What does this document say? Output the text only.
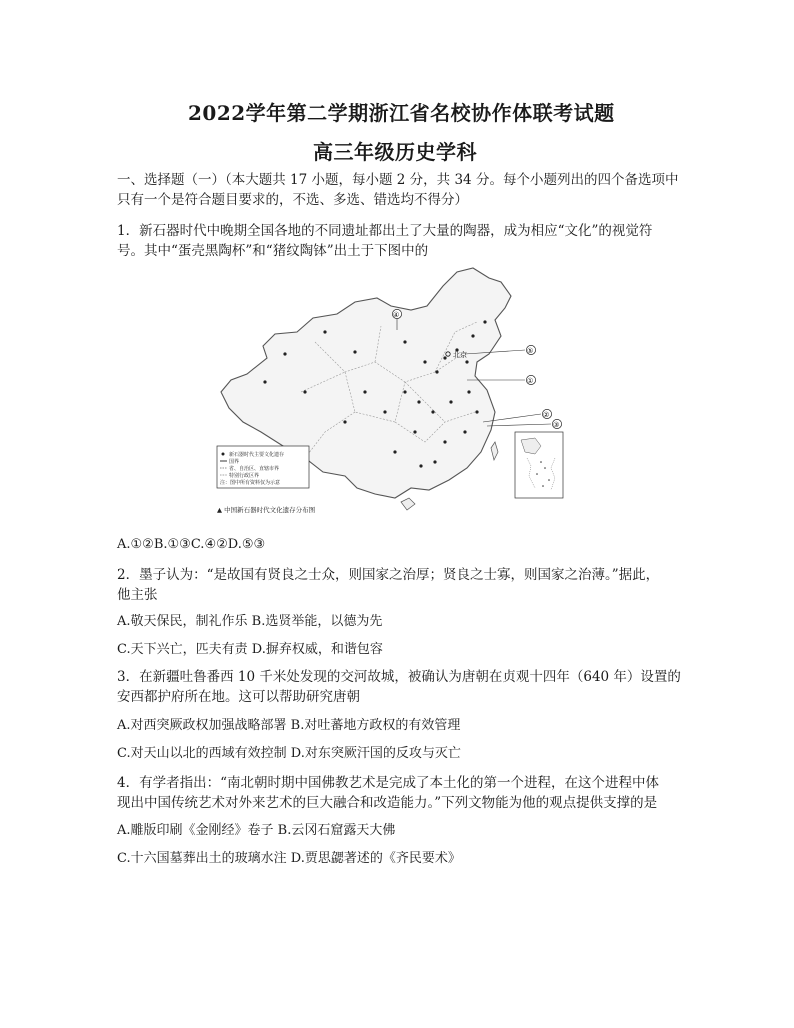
2022学年第二学期浙江省名校协作体联考试题
高三年级历史学科
一、选择题（一）（本大题共 17 小题，每小题 2 分，共 34 分。每个小题列出的四个备选项中
只有一个是符合题目要求的，不选、多选、错选均不得分）
1．新石器时代中晚期全国各地的不同遗址都出土了大量的陶器，成为相应“文化”的视觉符
号。其中“蛋壳黑陶杯”和“猪纹陶钵”出土于下图中的
北京
④
⑤
①
②
③
新石器时代主要文化遗存
国界
省、自治区、直辖市界
特别行政区界
注：图中所有资料仅为示意
▲ 中国新石器时代文化遗存分布图
A.①②B.①③C.④②D.⑤③
2．墨子认为：“是故国有贤良之士众，则国家之治厚；贤良之士寡，则国家之治薄。”据此，
他主张
A.敬天保民，制礼作乐 B.选贤举能，以德为先
C.天下兴亡，匹夫有责 D.摒弃权威，和谐包容
3．在新疆吐鲁番西 10 千米处发现的交河故城，被确认为唐朝在贞观十四年（640 年）设置的
安西都护府所在地。这可以帮助研究唐朝
A.对西突厥政权加强战略部署 B.对吐蕃地方政权的有效管理
C.对天山以北的西域有效控制 D.对东突厥汗国的反攻与灭亡
4．有学者指出：“南北朝时期中国佛教艺术是完成了本土化的第一个进程，在这个进程中体
现出中国传统艺术对外来艺术的巨大融合和改造能力。”下列文物能为他的观点提供支撑的是
A.雕版印刷《金刚经》卷子 B.云冈石窟露天大佛
C.十六国墓葬出土的玻璃水注 D.贾思勰著述的《齐民要术》
